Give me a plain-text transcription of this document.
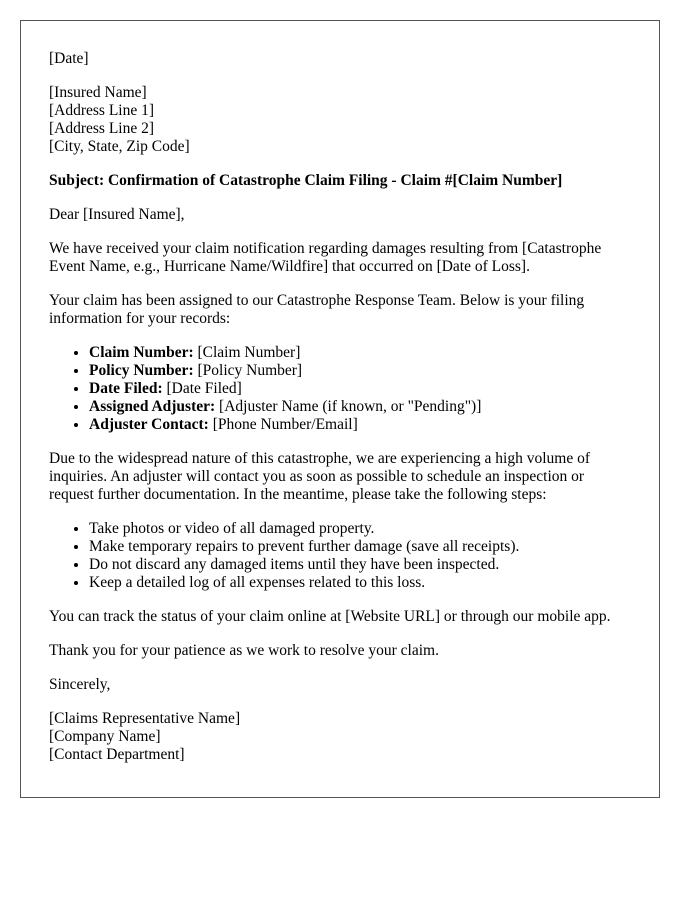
[Date]

[Insured Name]
[Address Line 1]
[Address Line 2]
[City, State, Zip Code]

Subject: Confirmation of Catastrophe Claim Filing - Claim #[Claim Number]

Dear [Insured Name],

We have received your claim notification regarding damages resulting from [Catastrophe Event Name, e.g., Hurricane Name/Wildfire] that occurred on [Date of Loss].

Your claim has been assigned to our Catastrophe Response Team. Below is your filing information for your records:

• Claim Number: [Claim Number]
• Policy Number: [Policy Number]
• Date Filed: [Date Filed]
• Assigned Adjuster: [Adjuster Name (if known, or "Pending")]
• Adjuster Contact: [Phone Number/Email]

Due to the widespread nature of this catastrophe, we are experiencing a high volume of inquiries. An adjuster will contact you as soon as possible to schedule an inspection or request further documentation. In the meantime, please take the following steps:

• Take photos or video of all damaged property.
• Make temporary repairs to prevent further damage (save all receipts).
• Do not discard any damaged items until they have been inspected.
• Keep a detailed log of all expenses related to this loss.

You can track the status of your claim online at [Website URL] or through our mobile app.

Thank you for your patience as we work to resolve your claim.

Sincerely,

[Claims Representative Name]
[Company Name]
[Contact Department]
